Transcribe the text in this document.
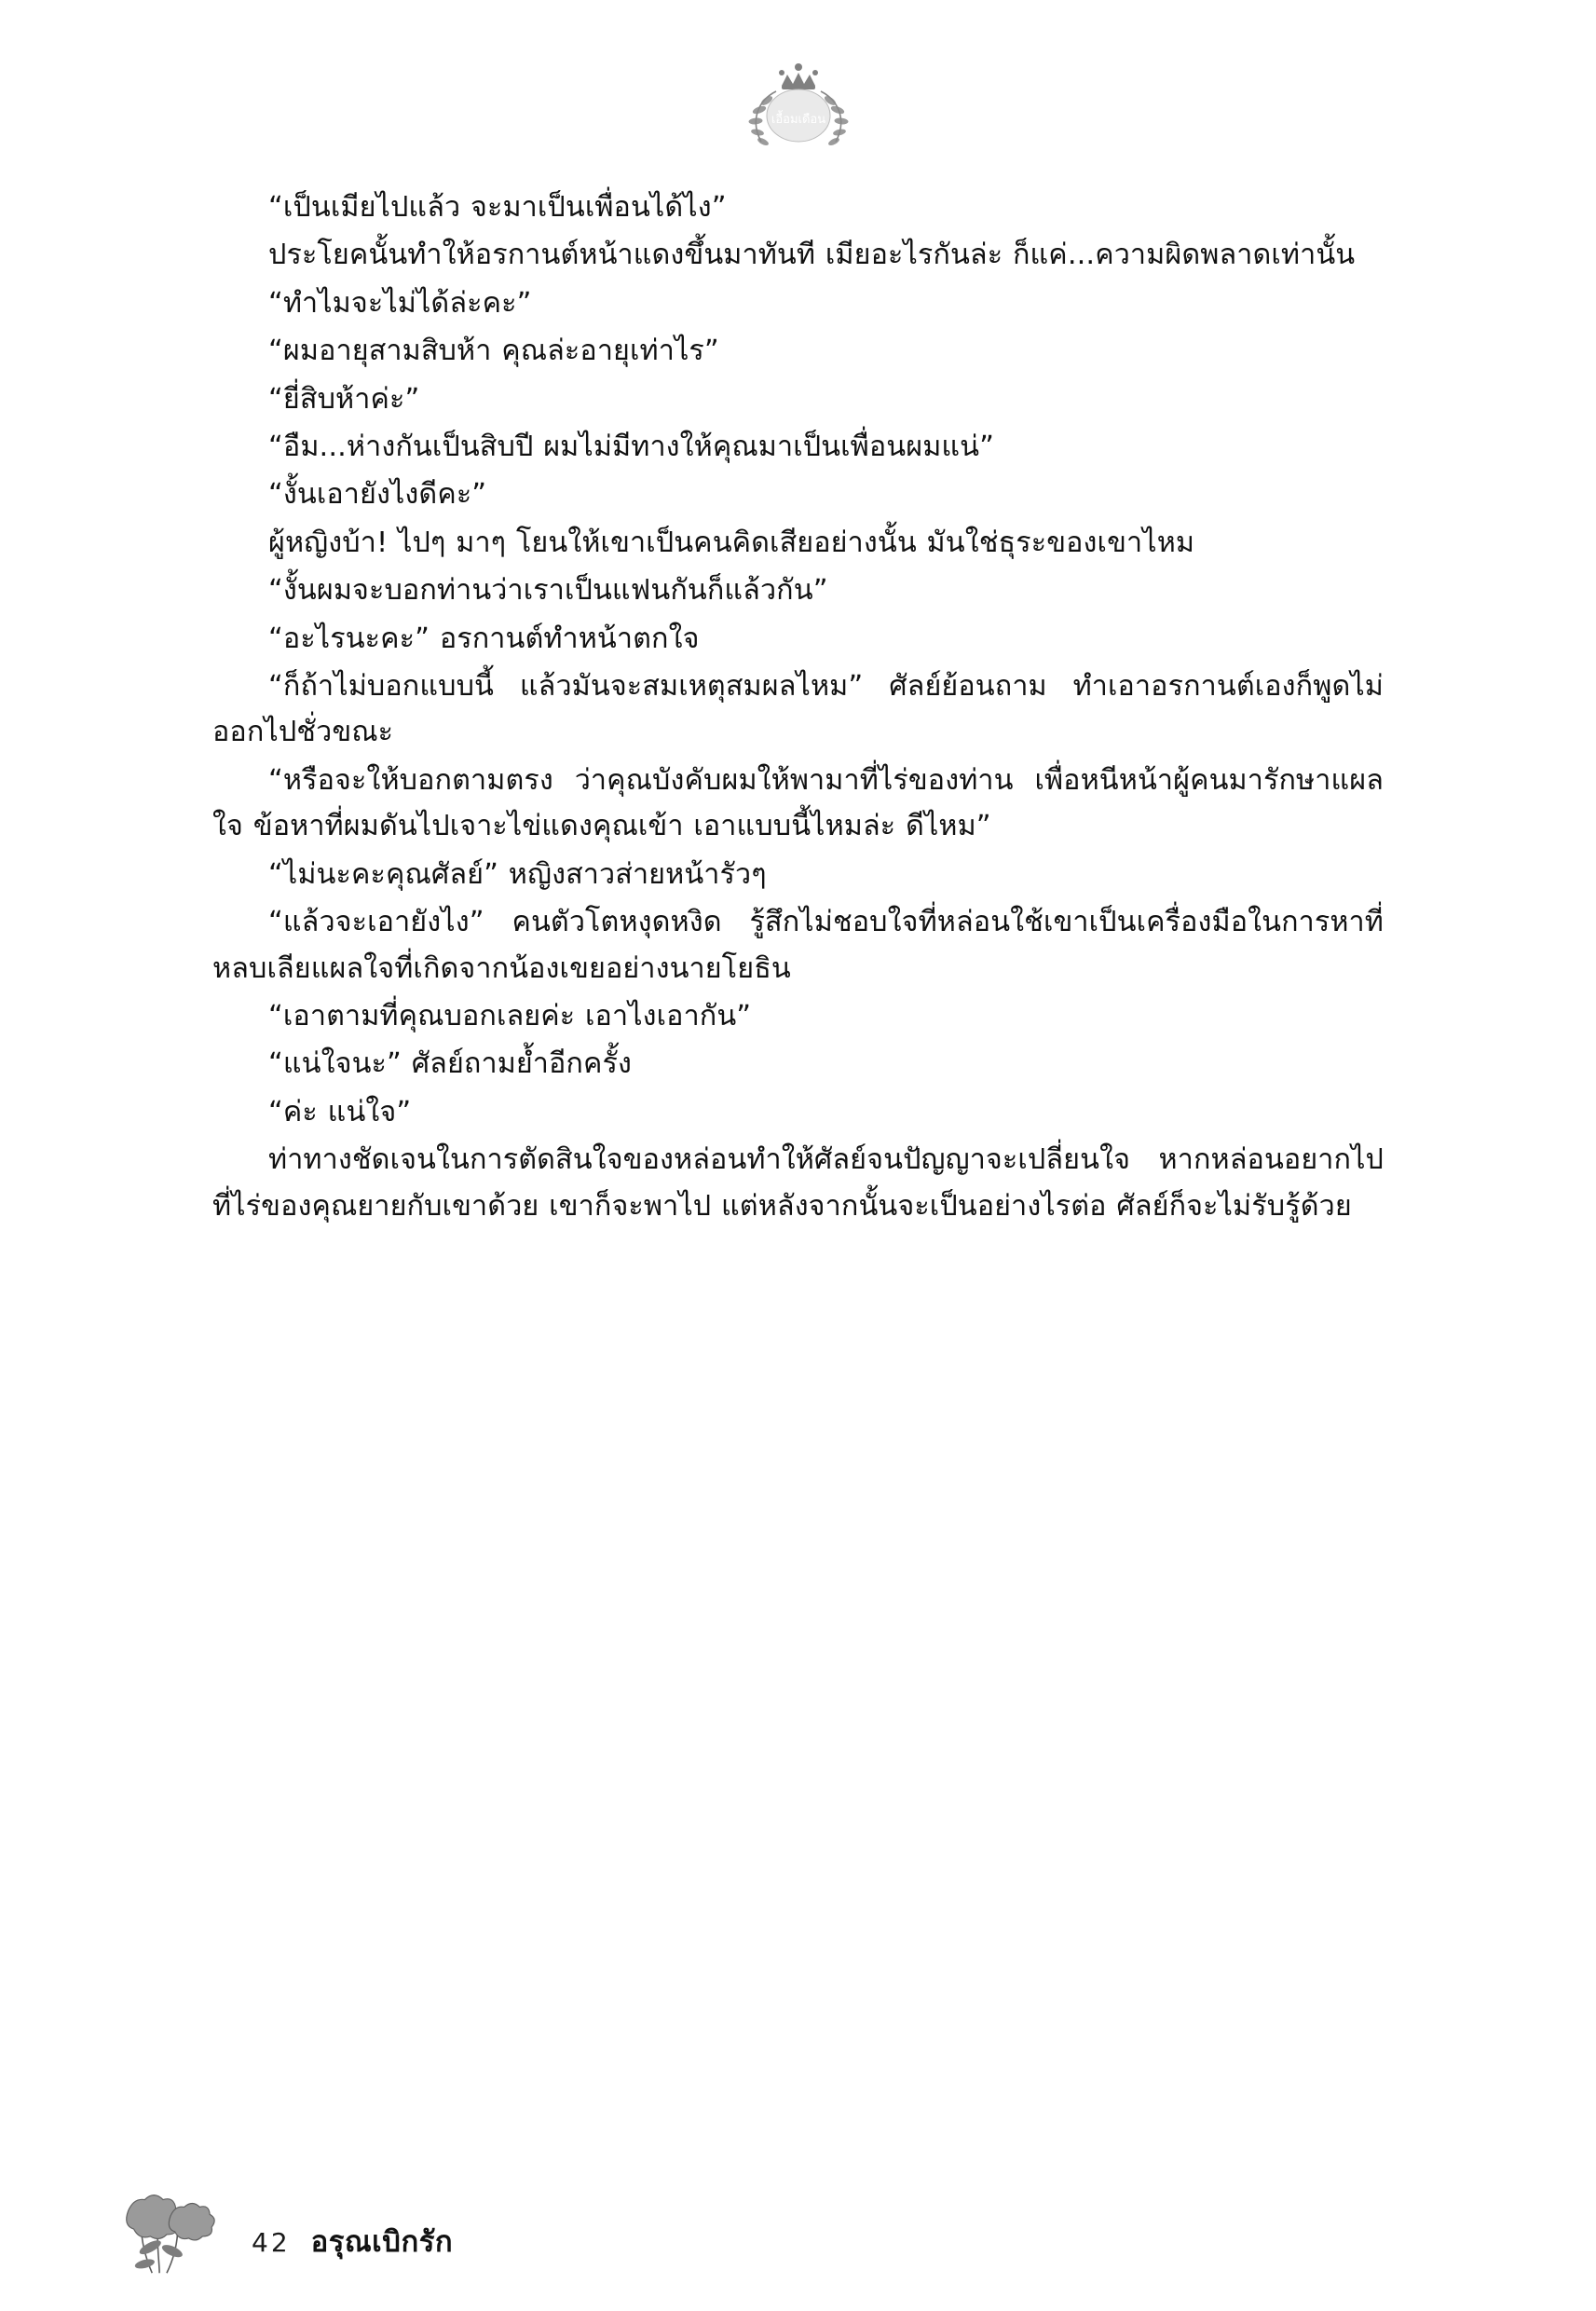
เอื้อมเดือน

“เป็นเมียไปแล้ว จะมาเป็นเพื่อนได้ไง”

ประโยคนั้นทำให้อรกานต์หน้าแดงขึ้นมาทันที เมียอะไรกันล่ะ ก็แค่...ความผิดพลาดเท่านั้น

“ทำไมจะไม่ได้ล่ะคะ”

“ผมอายุสามสิบห้า คุณล่ะอายุเท่าไร”

“ยี่สิบห้าค่ะ”

“อืม...ห่างกันเป็นสิบปี ผมไม่มีทางให้คุณมาเป็นเพื่อนผมแน่”

“งั้นเอายังไงดีคะ”

ผู้หญิงบ้า! ไปๆ มาๆ โยนให้เขาเป็นคนคิดเสียอย่างนั้น มันใช่ธุระของเขาไหม

“งั้นผมจะบอกท่านว่าเราเป็นแฟนกันก็แล้วกัน”

“อะไรนะคะ” อรกานต์ทำหน้าตกใจ

“ก็ถ้าไม่บอกแบบนี้ แล้วมันจะสมเหตุสมผลไหม” ศัลย์ย้อนถาม ทำเอาอรกานต์เองก็พูดไม่ออกไปชั่วขณะ

“หรือจะให้บอกตามตรง ว่าคุณบังคับผมให้พามาที่ไร่ของท่าน เพื่อหนีหน้าผู้คนมารักษาแผลใจ ข้อหาที่ผมดันไปเจาะไข่แดงคุณเข้า เอาแบบนี้ไหมล่ะ ดีไหม”

“ไม่นะคะคุณศัลย์” หญิงสาวส่ายหน้ารัวๆ

“แล้วจะเอายังไง” คนตัวโตหงุดหงิด รู้สึกไม่ชอบใจที่หล่อนใช้เขาเป็นเครื่องมือในการหาที่หลบเลียแผลใจที่เกิดจากน้องเขยอย่างนายโยธิน

“เอาตามที่คุณบอกเลยค่ะ เอาไงเอากัน”

“แน่ใจนะ” ศัลย์ถามย้ำอีกครั้ง

“ค่ะ แน่ใจ”

ท่าทางชัดเจนในการตัดสินใจของหล่อนทำให้ศัลย์จนปัญญาจะเปลี่ยนใจ หากหล่อนอยากไปที่ไร่ของคุณยายกับเขาด้วย เขาก็จะพาไป แต่หลังจากนั้นจะเป็นอย่างไรต่อ ศัลย์ก็จะไม่รับรู้ด้วย

42 อรุณเบิกรัก
